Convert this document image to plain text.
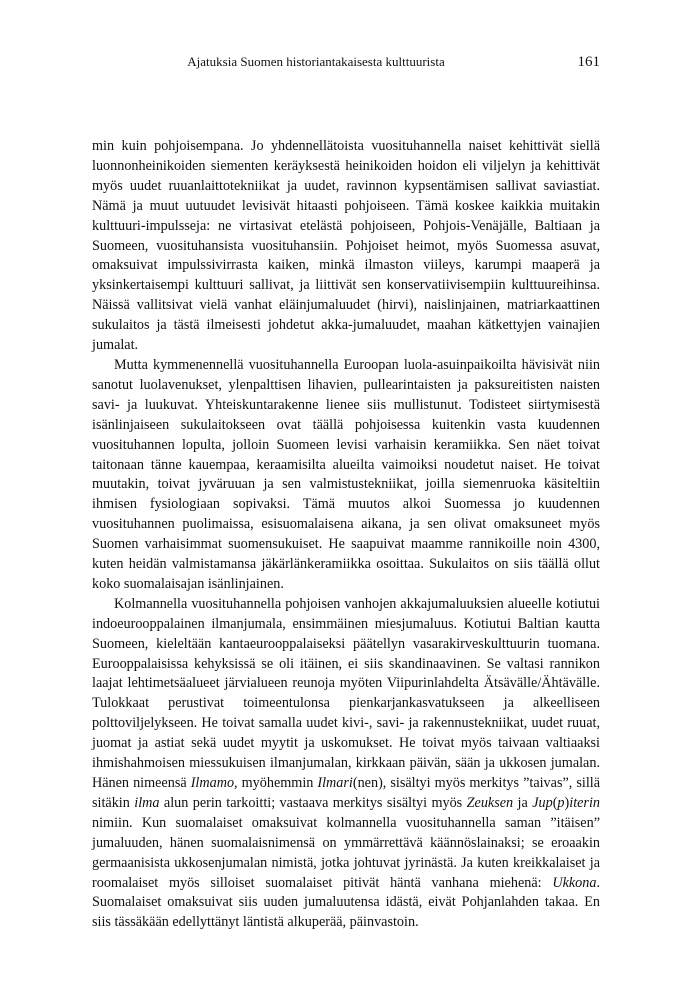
Ajatuksia Suomen historiantakaisesta kulttuurista	161

min kuin pohjoisempana. Jo yhdennellätoista vuosituhannella naiset kehittivät siellä luonnonheinikoiden siementen keräyksestä heinikoiden hoidon eli viljelyn ja kehittivät myös uudet ruuanlaittotekniikat ja uudet, ravinnon kypsentämisen sallivat saviastiat. Nämä ja muut uutuudet levisivät hitaasti pohjoiseen. Tämä koskee kaikkia muitakin kulttuuri-impulsseja: ne virtasivat etelästä pohjoiseen, Pohjois-Venäjälle, Baltiaan ja Suomeen, vuosituhansista vuosituhansiin. Pohjoiset heimot, myös Suomessa asuvat, omaksuivat impulssivirrasta kaiken, minkä ilmaston viileys, karumpi maaperä ja yksinkertaisempi kulttuuri sallivat, ja liittivät sen konservatiivisempiin kulttuureihinsa. Näissä vallitsivat vielä vanhat eläinjumaluudet (hirvi), naislinjainen, matriarkaattinen sukulaitos ja tästä ilmeisesti johdetut akka-jumaluudet, maahan kätkettyjen vainajien jumalat.

Mutta kymmenennellä vuosituhannella Euroopan luola-asuinpaikoilta hävisivät niin sanotut luolavenukset, ylenpalttisen lihavien, pullearintaisten ja paksureitisten naisten savi- ja luukuvat. Yhteiskuntarakenne lienee siis mullistunut. Todisteet siirtymisestä isänlinjaiseen sukulaitokseen ovat täällä pohjoisessa kuitenkin vasta kuudennen vuosituhannen lopulta, jolloin Suomeen levisi varhaisin keramiikka. Sen näet toivat taitonaan tänne kauempaa, keraamisilta alueilta vaimoiksi noudetut naiset. He toivat muutakin, toivat jyväruuan ja sen valmistustekniikat, joilla siemenruoka käsiteltiin ihmisen fysiologiaan sopivaksi. Tämä muutos alkoi Suomessa jo kuudennen vuosituhannen puolimaissa, esisuomalaisena aikana, ja sen olivat omaksuneet myös Suomen varhaisimmat suomensukuiset. He saapuivat maamme rannikoille noin 4300, kuten heidän valmistamansa jäkärlänkeramiikka osoittaa. Sukulaitos on siis täällä ollut koko suomalaisajan isänlinjainen.

Kolmannella vuosituhannella pohjoisen vanhojen akkajumaluuksien alueelle kotiutui indoeurooppalainen ilmanjumala, ensimmäinen miesjumaluus. Kotiutui Baltian kautta Suomeen, kieleltään kantaeurooppalaiseksi päätellyn vasarakirveskulttuurin tuomana. Eurooppalaisissa kehyksissä se oli itäinen, ei siis skandinaavinen. Se valtasi rannikon laajat lehtimetsäalueet järvialueen reunoja myöten Viipurinlahdelta Ätsävälle/Ähtävälle. Tulokkaat perustivat toimeentulonsa pienkarjankasvatukseen ja alkeelliseen polttoviljelykseen. He toivat samalla uudet kivi-, savi- ja rakennustekniikat, uudet ruuat, juomat ja astiat sekä uudet myytit ja uskomukset. He toivat myös taivaan valtiaaksi ihmishahmoisen miessukuisen ilmanjumalan, kirkkaan päivän, sään ja ukkosen jumalan. Hänen nimeensä Ilmamo, myöhemmin Ilmari(nen), sisältyi myös merkitys ”taivas”, sillä sitäkin ilma alun perin tarkoitti; vastaava merkitys sisältyi myös Zeuksen ja Jup(p)iterin nimiin. Kun suomalaiset omaksuivat kolmannella vuosituhannella saman ”itäisen” jumaluuden, hänen suomalaisnimensä on ymmärrettävä käännöslainaksi; se eroaakin germaanisista ukkosenjumalan nimistä, jotka johtuvat jyrinästä. Ja kuten kreikkalaiset ja roomalaiset myös silloiset suomalaiset pitivät häntä vanhana miehenä: Ukkona. Suomalaiset omaksuivat siis uuden jumaluutensa idästä, eivät Pohjanlahden takaa. En siis tässäkään edellyttänyt läntistä alkuperää, päinvastoin.
